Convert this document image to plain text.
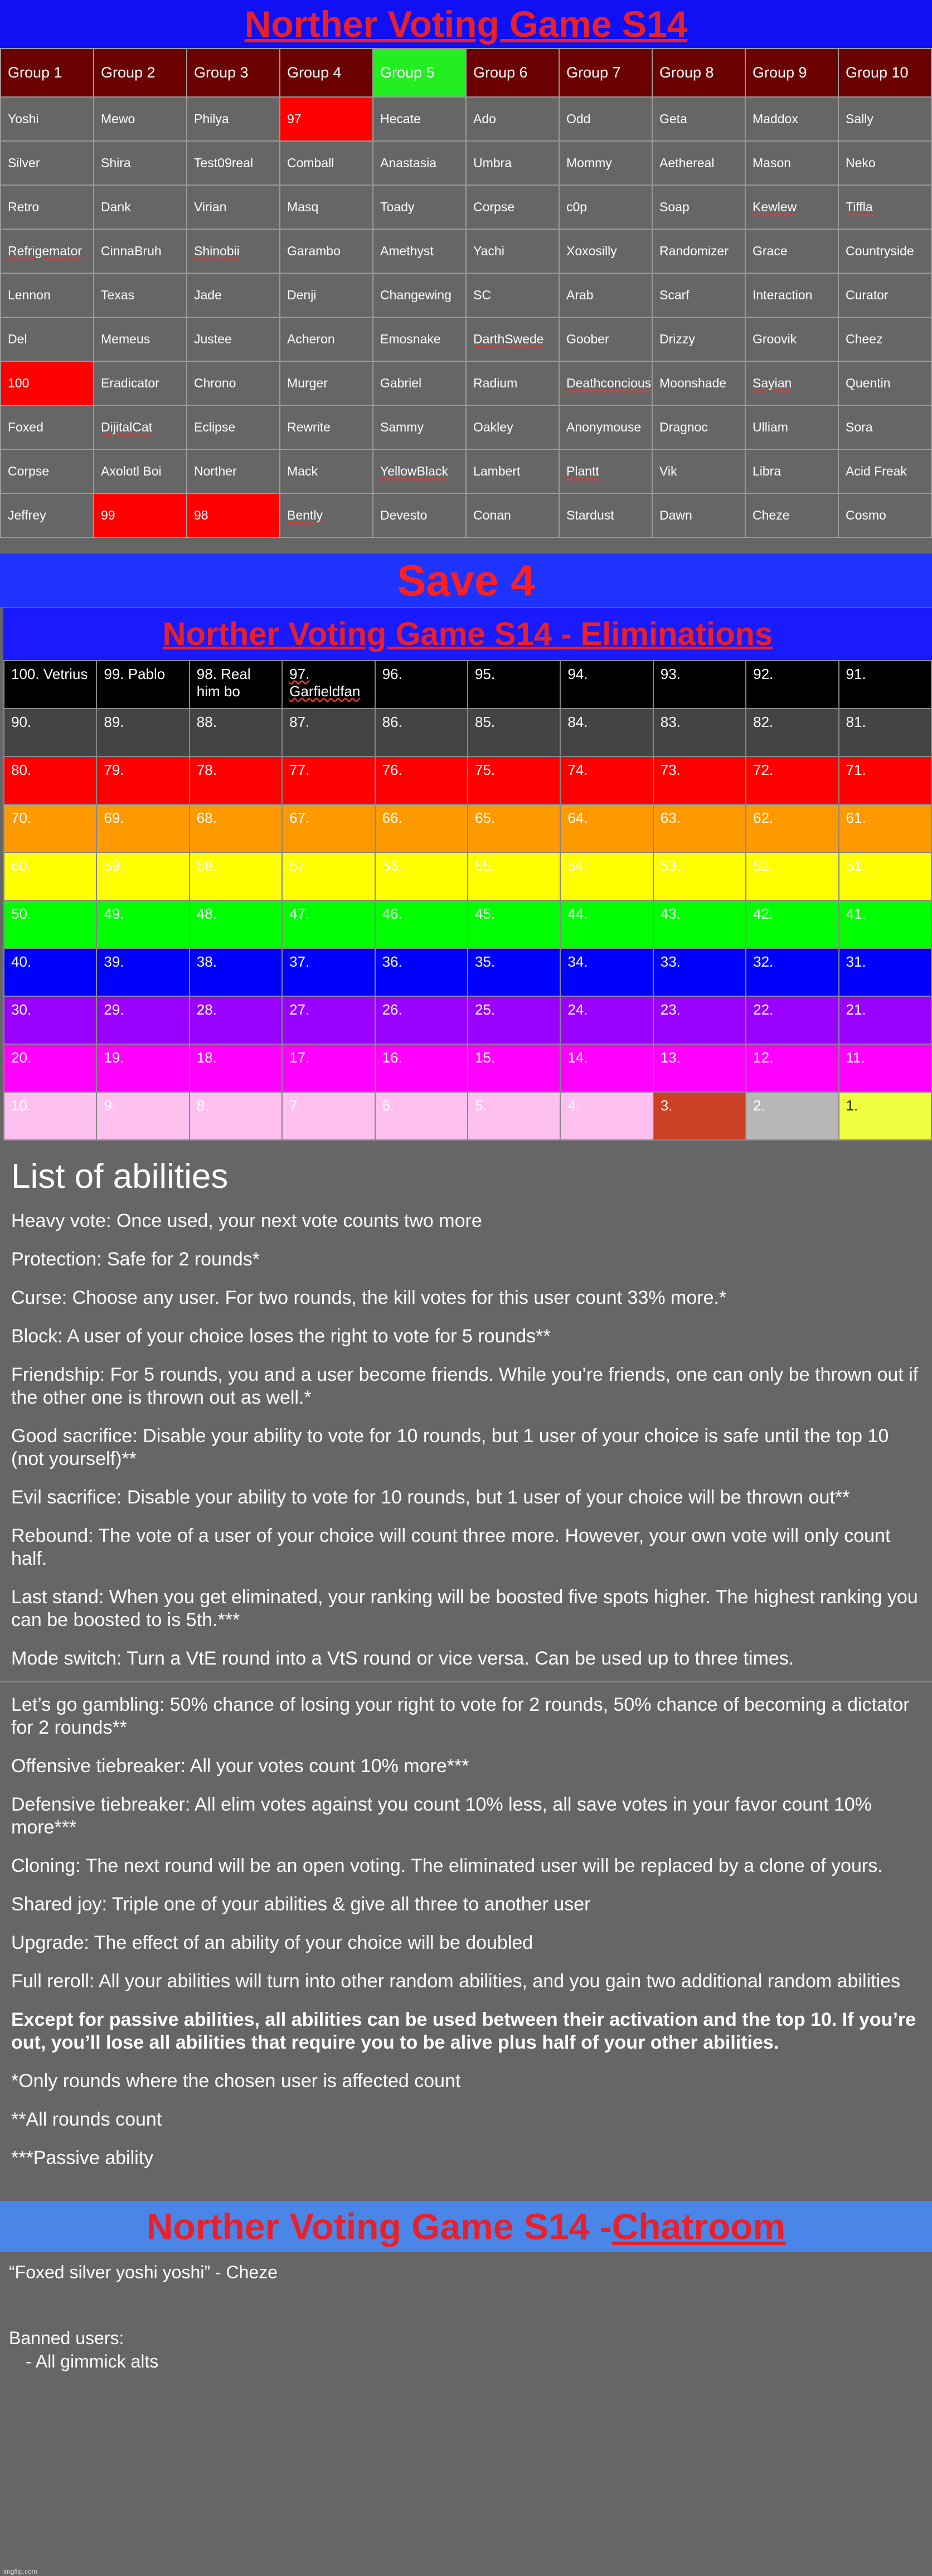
Norther Voting Game S14
Group 1	Group 2	Group 3	Group 4	Group 5	Group 6	Group 7	Group 8	Group 9	Group 10
Yoshi	Mewo	Philya	97	Hecate	Ado	Odd	Geta	Maddox	Sally
Silver	Shira	Test09real	Comball	Anastasia	Umbra	Mommy	Aethereal	Mason	Neko
Retro	Dank	Virian	Masq	Toady	Corpse	c0p	Soap	Kewlew	Tiffla
Refrigemator	CinnaBruh	Shinobii	Garambo	Amethyst	Yachi	Xoxosilly	Randomizer	Grace	Countryside
Lennon	Texas	Jade	Denji	Changewing	SC	Arab	Scarf	Interaction	Curator
Del	Memeus	Justee	Acheron	Emosnake	DarthSwede	Goober	Drizzy	Groovik	Cheez
100	Eradicator	Chrono	Murger	Gabriel	Radium	Deathconcious	Moonshade	Sayian	Quentin
Foxed	DijitalCat	Eclipse	Rewrite	Sammy	Oakley	Anonymouse	Dragnoc	Ulliam	Sora
Corpse	Axolotl Boi	Norther	Mack	YellowBlack	Lambert	Plantt	Vik	Libra	Acid Freak
Jeffrey	99	98	Bently	Devesto	Conan	Stardust	Dawn	Cheze	Cosmo
Save 4
Norther Voting Game S14 - Eliminations
100. Vetrius	99. Pablo	98. Real him bo	97. Garfieldfan	96.	95.	94.	93.	92.	91.
90.	89.	88.	87.	86.	85.	84.	83.	82.	81.
80.	79.	78.	77.	76.	75.	74.	73.	72.	71.
70.	69.	68.	67.	66.	65.	64.	63.	62.	61.
60.	59.	58.	57.	56.	55.	54.	53.	52.	51.
50.	49.	48.	47.	46.	45.	44.	43.	42.	41.
40.	39.	38.	37.	36.	35.	34.	33.	32.	31.
30.	29.	28.	27.	26.	25.	24.	23.	22.	21.
20.	19.	18.	17.	16.	15.	14.	13.	12.	11.
10.	9.	8.	7.	6.	5.	4.	3.	2.	1.
List of abilities
Heavy vote: Once used, your next vote counts two more
Protection: Safe for 2 rounds*
Curse: Choose any user. For two rounds, the kill votes for this user count 33% more.*
Block: A user of your choice loses the right to vote for 5 rounds**
Friendship: For 5 rounds, you and a user become friends. While you’re friends, one can only be thrown out if the other one is thrown out as well.*
Good sacrifice: Disable your ability to vote for 10 rounds, but 1 user of your choice is safe until the top 10 (not yourself)**
Evil sacrifice: Disable your ability to vote for 10 rounds, but 1 user of your choice will be thrown out**
Rebound: The vote of a user of your choice will count three more. However, your own vote will only count half.
Last stand: When you get eliminated, your ranking will be boosted five spots higher. The highest ranking you can be boosted to is 5th.***
Mode switch: Turn a VtE round into a VtS round or vice versa. Can be used up to three times.
Let’s go gambling: 50% chance of losing your right to vote for 2 rounds, 50% chance of becoming a dictator for 2 rounds**
Offensive tiebreaker: All your votes count 10% more***
Defensive tiebreaker: All elim votes against you count 10% less, all save votes in your favor count 10% more***
Cloning: The next round will be an open voting. The eliminated user will be replaced by a clone of yours.
Shared joy: Triple one of your abilities & give all three to another user
Upgrade: The effect of an ability of your choice will be doubled
Full reroll: All your abilities will turn into other random abilities, and you gain two additional random abilities
Except for passive abilities, all abilities can be used between their activation and the top 10. If you’re out, you’ll lose all abilities that require you to be alive plus half of your other abilities.
*Only rounds where the chosen user is affected count
**All rounds count
***Passive ability
Norther Voting Game S14 - Chatroom
“Foxed silver yoshi yoshi” - Cheze
Banned users:
- All gimmick alts
imgflip.com
